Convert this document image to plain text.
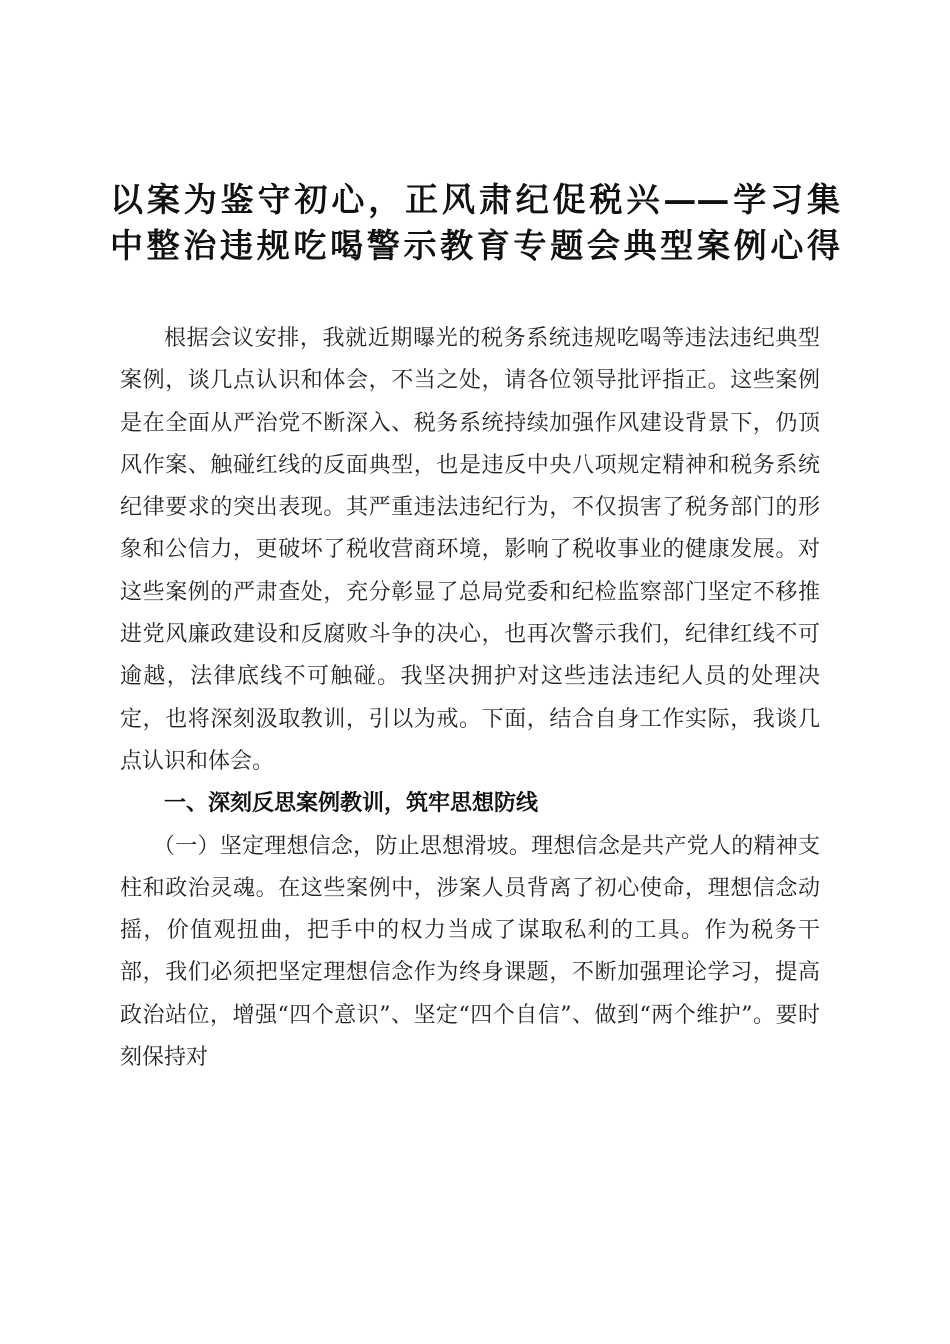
以案为鉴守初心，正风肃纪促税兴——学习集
中整治违规吃喝警示教育专题会典型案例心得

根据会议安排，我就近期曝光的税务系统违规吃喝等违法违纪典型案例，谈几点认识和体会，不当之处，请各位领导批评指正。这些案例是在全面从严治党不断深入、税务系统持续加强作风建设背景下，仍顶风作案、触碰红线的反面典型，也是违反中央八项规定精神和税务系统纪律要求的突出表现。其严重违法违纪行为，不仅损害了税务部门的形象和公信力，更破坏了税收营商环境，影响了税收事业的健康发展。对这些案例的严肃查处，充分彰显了总局党委和纪检监察部门坚定不移推进党风廉政建设和反腐败斗争的决心，也再次警示我们，纪律红线不可逾越，法律底线不可触碰。我坚决拥护对这些违法违纪人员的处理决定，也将深刻汲取教训，引以为戒。下面，结合自身工作实际，我谈几点认识和体会。

一、深刻反思案例教训，筑牢思想防线

（一）坚定理想信念，防止思想滑坡。理想信念是共产党人的精神支柱和政治灵魂。在这些案例中，涉案人员背离了初心使命，理想信念动摇，价值观扭曲，把手中的权力当成了谋取私利的工具。作为税务干部，我们必须把坚定理想信念作为终身课题，不断加强理论学习，提高政治站位，增强“四个意识”、坚定“四个自信”、做到“两个维护”。要时刻保持对
